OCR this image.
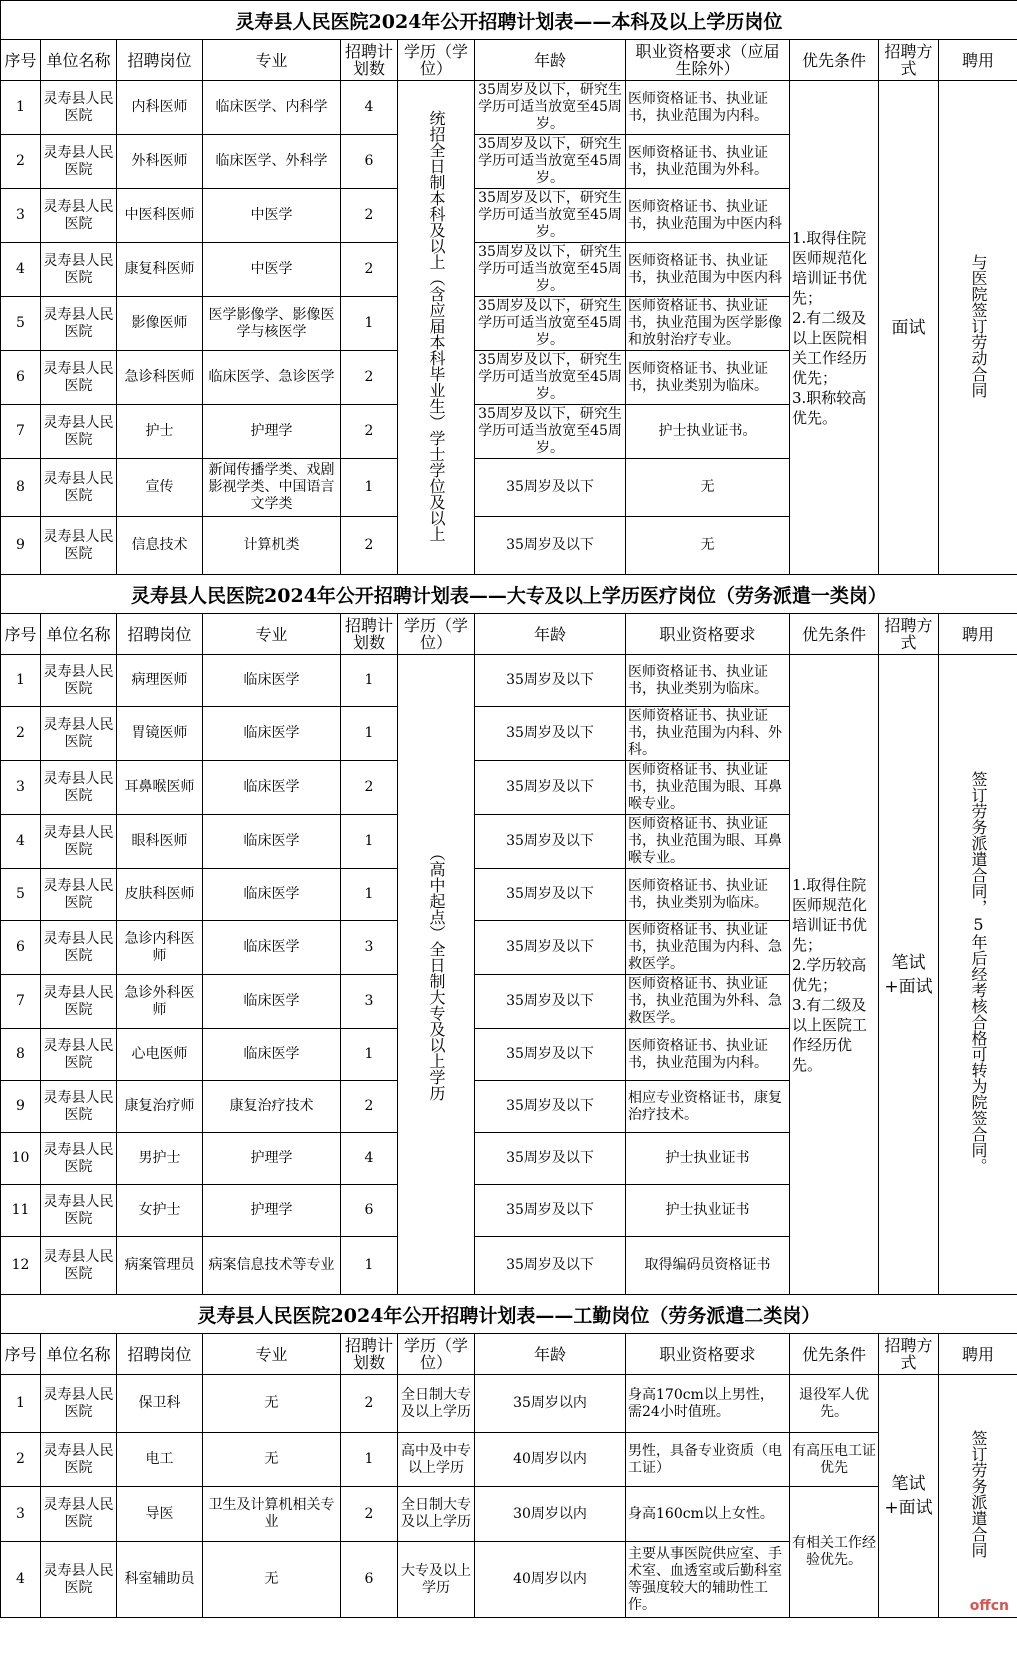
灵寿县人民医院2024年公开招聘计划表——本科及以上学历岗位										
序号	单位名称	招聘岗位	专业	招聘计划数	学历（学位）	年龄	职业资格要求（应届生除外）	优先条件	招聘方式	聘用
1	灵寿县人民医院	内科医师	临床医学、内科学	4	统招全日制本科及以上（含应届本科毕业生）学士学位及以上	35周岁及以下，研究生学历可适当放宽至45周岁。	医师资格证书、执业证书，执业范围为内科。	1.取得住院医师规范化培训证书优先；
2.有二级及以上医院相关工作经历优先；
3.职称较高优先。	面试	与医院签订劳动合同
2	灵寿县人民医院	外科医师	临床医学、外科学	6		35周岁及以下，研究生学历可适当放宽至45周岁。	医师资格证书、执业证书，执业范围为外科。			
3	灵寿县人民医院	中医科医师	中医学	2		35周岁及以下，研究生学历可适当放宽至45周岁。	医师资格证书、执业证书，执业范围为中医内科			
4	灵寿县人民医院	康复科医师	中医学	2		35周岁及以下，研究生学历可适当放宽至45周岁。	医师资格证书、执业证书，执业范围为中医内科			
5	灵寿县人民医院	影像医师	医学影像学、影像医学与核医学	1		35周岁及以下，研究生学历可适当放宽至45周岁。	医师资格证书、执业证书，执业范围为医学影像和放射治疗专业。			
6	灵寿县人民医院	急诊科医师	临床医学、急诊医学	2		35周岁及以下，研究生学历可适当放宽至45周岁。	医师资格证书、执业证书，执业类别为临床。			
7	灵寿县人民医院	护士	护理学	2		35周岁及以下，研究生学历可适当放宽至45周岁。	护士执业证书。			
8	灵寿县人民医院	宣传	新闻传播学类、戏剧影视学类、中国语言文学类	1		35周岁及以下	无			
9	灵寿县人民医院	信息技术	计算机类	2		35周岁及以下	无			
灵寿县人民医院2024年公开招聘计划表——大专及以上学历医疗岗位（劳务派遣一类岗）										
序号	单位名称	招聘岗位	专业	招聘计划数	学历（学位）	年龄	职业资格要求	优先条件	招聘方式	聘用
1	灵寿县人民医院	病理医师	临床医学	1	（高中起点）全日制大专及以上学历	35周岁及以下	医师资格证书、执业证书，执业类别为临床。	1.取得住院医师规范化培训证书优先；
2.学历较高优先；
3.有二级及以上医院工作经历优先。	笔试+面试	签订劳务派遣合同，5年后经考核合格可转为院签合同。
2	灵寿县人民医院	胃镜医师	临床医学	1		35周岁及以下	医师资格证书、执业证书，执业范围为内科、外科。			
3	灵寿县人民医院	耳鼻喉医师	临床医学	2		35周岁及以下	医师资格证书、执业证书，执业范围为眼、耳鼻喉专业。			
4	灵寿县人民医院	眼科医师	临床医学	1		35周岁及以下	医师资格证书、执业证书，执业范围为眼、耳鼻喉专业。			
5	灵寿县人民医院	皮肤科医师	临床医学	1		35周岁及以下	医师资格证书、执业证书，执业类别为临床。			
6	灵寿县人民医院	急诊内科医师	临床医学	3		35周岁及以下	医师资格证书、执业证书，执业范围为内科、急救医学。			
7	灵寿县人民医院	急诊外科医师	临床医学	3		35周岁及以下	医师资格证书、执业证书，执业范围为外科、急救医学。			
8	灵寿县人民医院	心电医师	临床医学	1		35周岁及以下	医师资格证书、执业证书，执业范围为内科。			
9	灵寿县人民医院	康复治疗师	康复治疗技术	2		35周岁及以下	相应专业资格证书，康复治疗技术。			
10	灵寿县人民医院	男护士	护理学	4		35周岁及以下	护士执业证书			
11	灵寿县人民医院	女护士	护理学	6		35周岁及以下	护士执业证书			
12	灵寿县人民医院	病案管理员	病案信息技术等专业	1		35周岁及以下	取得编码员资格证书			
灵寿县人民医院2024年公开招聘计划表——工勤岗位（劳务派遣二类岗）										
序号	单位名称	招聘岗位	专业	招聘计划数	学历（学位）	年龄	职业资格要求	优先条件	招聘方式	聘用
1	灵寿县人民医院	保卫科	无	2	全日制大专及以上学历	35周岁以内	身高170cm以上男性，需24小时值班。	退役军人优先。	笔试+面试	签订劳务派遣合同
2	灵寿县人民医院	电工	无	1	高中及中专以上学历	40周岁以内	男性，具备专业资质（电工证）	有高压电工证优先		
3	灵寿县人民医院	导医	卫生及计算机相关专业	2	全日制大专及以上学历	30周岁以内	身高160cm以上女性。	有相关工作经验优先。		
4	灵寿县人民医院	科室辅助员	无	6	大专及以上学历	40周岁以内	主要从事医院供应室、手术室、血透室或后勤科室等强度较大的辅助性工作。				offcn
